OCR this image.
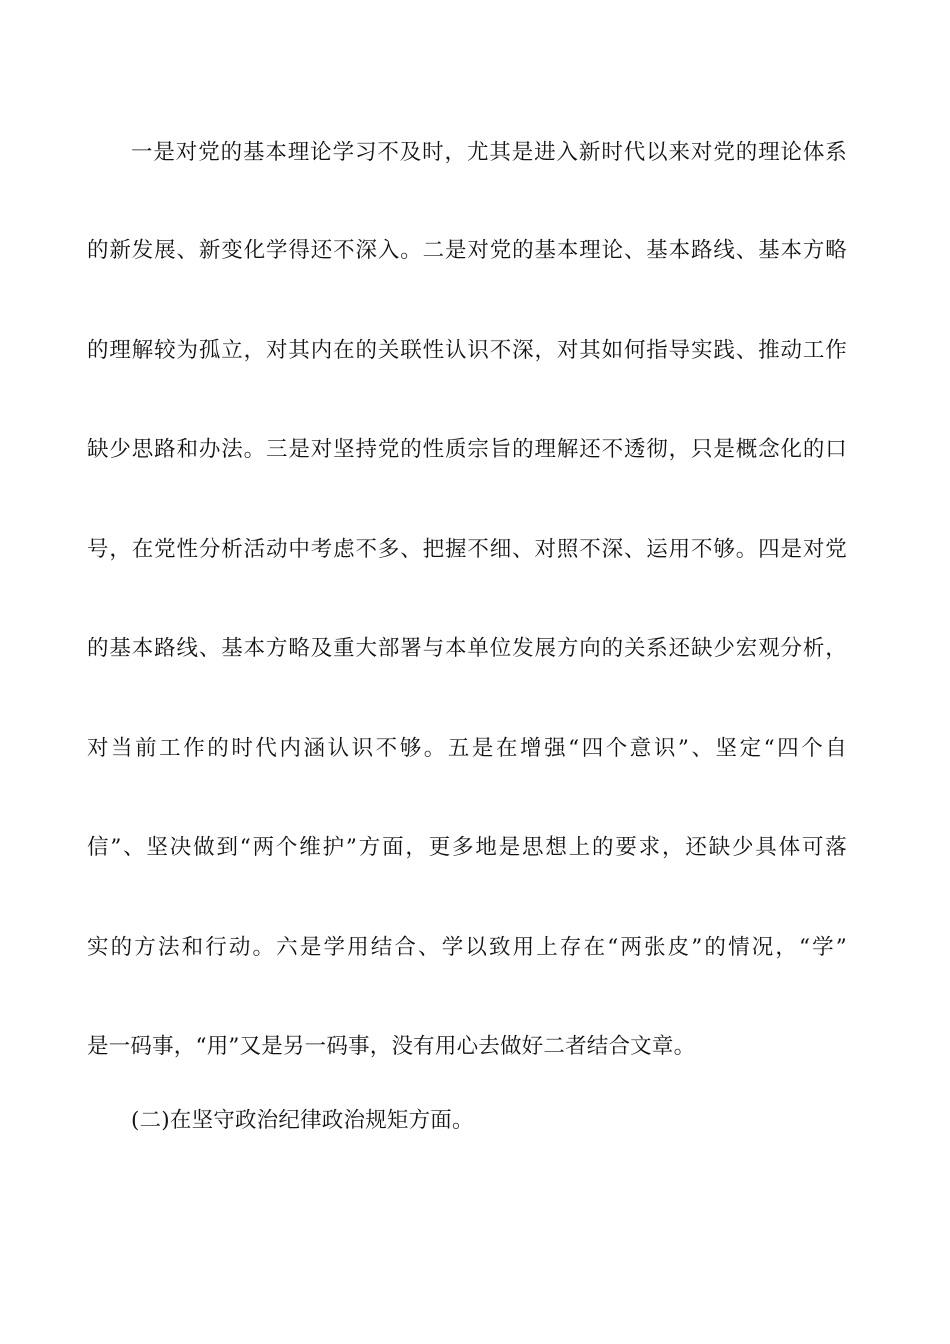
一是对党的基本理论学习不及时，尤其是进入新时代以来对党的理论体系
的新发展、新变化学得还不深入。二是对党的基本理论、基本路线、基本方略
的理解较为孤立，对其内在的关联性认识不深，对其如何指导实践、推动工作
缺少思路和办法。三是对坚持党的性质宗旨的理解还不透彻，只是概念化的口
号，在党性分析活动中考虑不多、把握不细、对照不深、运用不够。四是对党
的基本路线、基本方略及重大部署与本单位发展方向的关系还缺少宏观分析，
对当前工作的时代内涵认识不够。五是在增强“四个意识”、坚定“四个自
信”、坚决做到“两个维护”方面，更多地是思想上的要求，还缺少具体可落
实的方法和行动。六是学用结合、学以致用上存在“两张皮”的情况，“学”
是一码事，“用”又是另一码事，没有用心去做好二者结合文章。
(二)在坚守政治纪律政治规矩方面。
